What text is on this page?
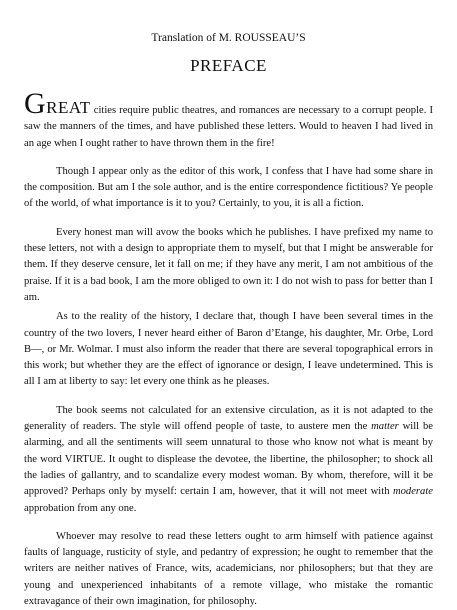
Translation of M. ROUSSEAU’S
PREFACE

GREAT cities require public theatres, and romances are necessary to a corrupt people. I saw the manners of the times, and have published these letters. Would to heaven I had lived in an age when I ought rather to have thrown them in the fire!

Though I appear only as the editor of this work, I confess that I have had some share in the composition. But am I the sole author, and is the entire correspondence fictitious? Ye people of the world, of what importance is it to you? Certainly, to you, it is all a fiction.

Every honest man will avow the books which he publishes. I have prefixed my name to these letters, not with a design to appropriate them to myself, but that I might be answerable for them. If they deserve censure, let it fall on me; if they have any merit, I am not ambitious of the praise. If it is a bad book, I am the more obliged to own it: I do not wish to pass for better than I am.

As to the reality of the history, I declare that, though I have been several times in the country of the two lovers, I never heard either of Baron d’Etange, his daughter, Mr. Orbe, Lord B—, or Mr. Wolmar. I must also inform the reader that there are several topographical errors in this work; but whether they are the effect of ignorance or design, I leave undetermined. This is all I am at liberty to say: let every one think as he pleases.

The book seems not calculated for an extensive circulation, as it is not adapted to the generality of readers. The style will offend people of taste, to austere men the matter will be alarming, and all the sentiments will seem unnatural to those who know not what is meant by the word VIRTUE. It ought to displease the devotee, the libertine, the philosopher; to shock all the ladies of gallantry, and to scandalize every modest woman. By whom, therefore, will it be approved? Perhaps only by myself: certain I am, however, that it will not meet with moderate approbation from any one.

Whoever may resolve to read these letters ought to arm himself with patience against faults of language, rusticity of style, and pedantry of expression; he ought to remember that the writers are neither natives of France, wits, academicians, nor philosophers; but that they are young and unexperienced inhabitants of a remote village, who mistake the romantic extravagance of their own imagination, for philosophy.
